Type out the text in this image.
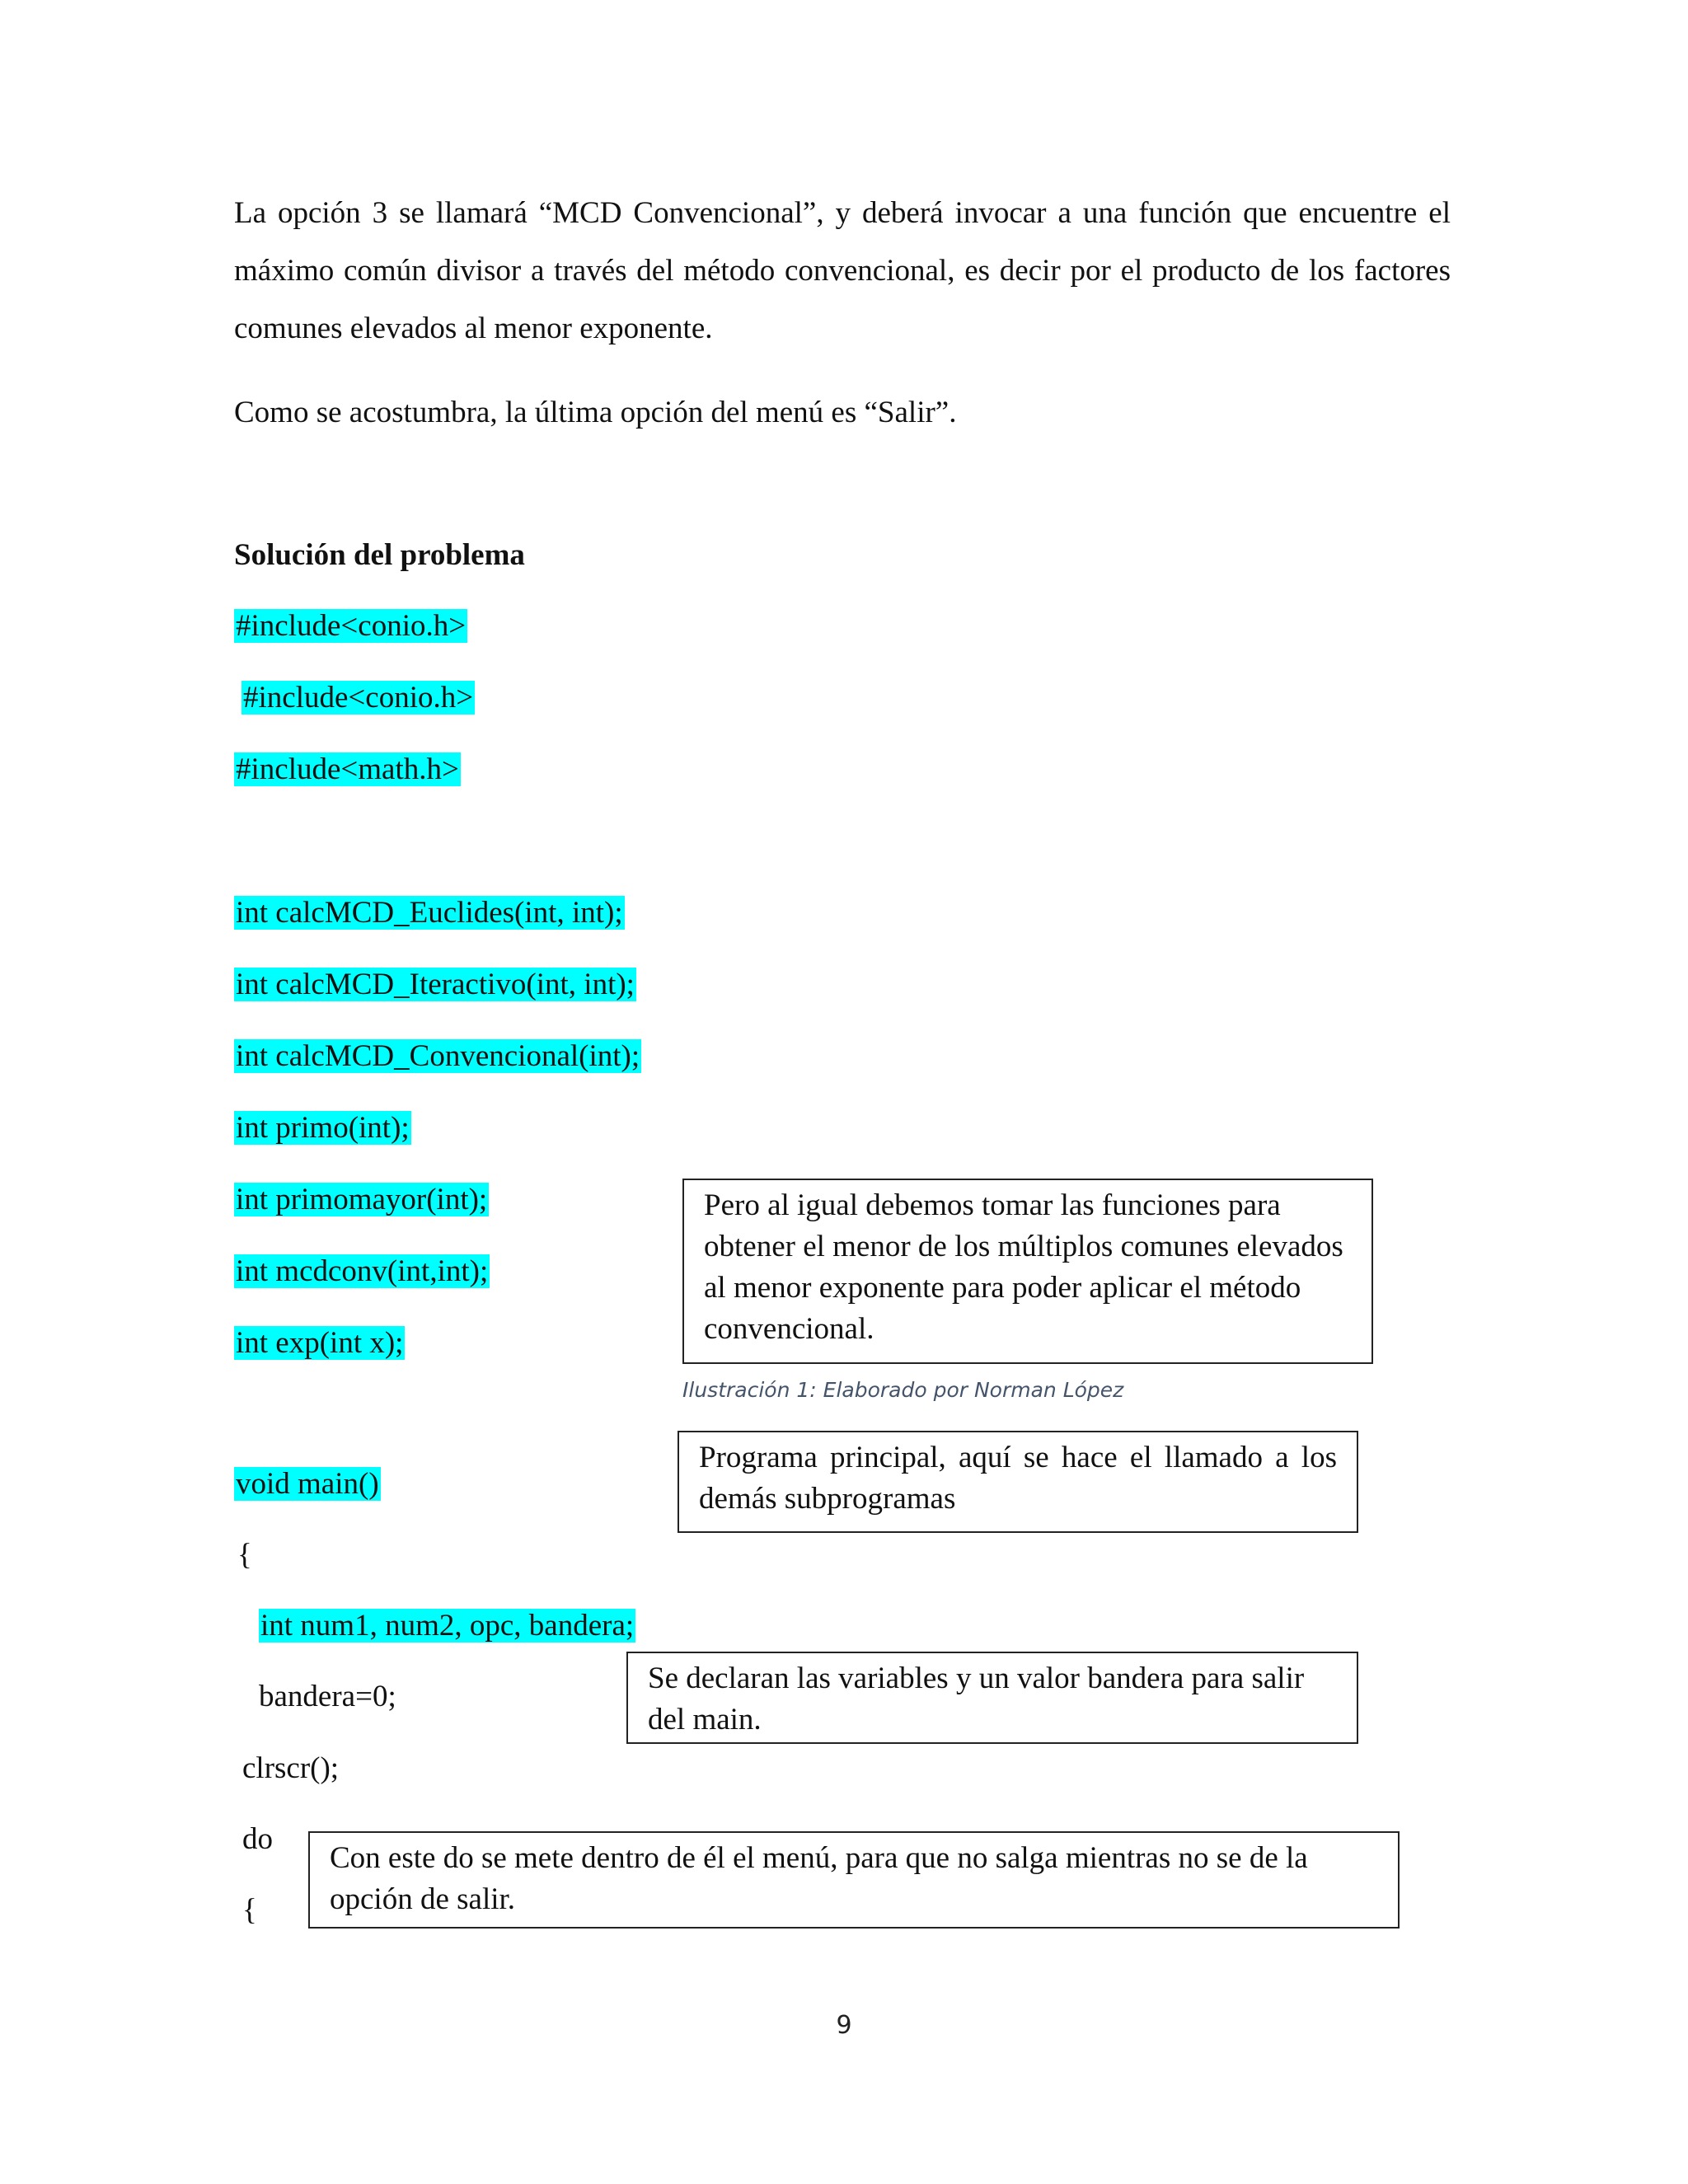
La opción 3 se llamará “MCD Convencional”, y deberá invocar a una función que encuentre el máximo común divisor a través del método convencional, es decir por el producto de los factores comunes elevados al menor exponente.

Como se acostumbra, la última opción del menú es “Salir”.

Solución del problema
#include<conio.h>
#include<conio.h>
#include<math.h>
int calcMCD_Euclides(int, int);
int calcMCD_Iteractivo(int, int);
int calcMCD_Convencional(int);
int primo(int);
int primomayor(int);
int mcdconv(int,int);
int exp(int x);
void main()
{
int num1, num2, opc, bandera;
bandera=0;
clrscr();
do
{
Pero al igual debemos tomar las funciones para obtener el menor de los múltiplos comunes elevados al menor exponente para poder aplicar el método convencional.
Ilustración 1: Elaborado por Norman López
Programa principal, aquí se hace el llamado a los demás subprogramas
Se declaran las variables y un valor bandera para salir del main.
Con este do se mete dentro de él el menú, para que no salga mientras no se de la opción de salir.
9
